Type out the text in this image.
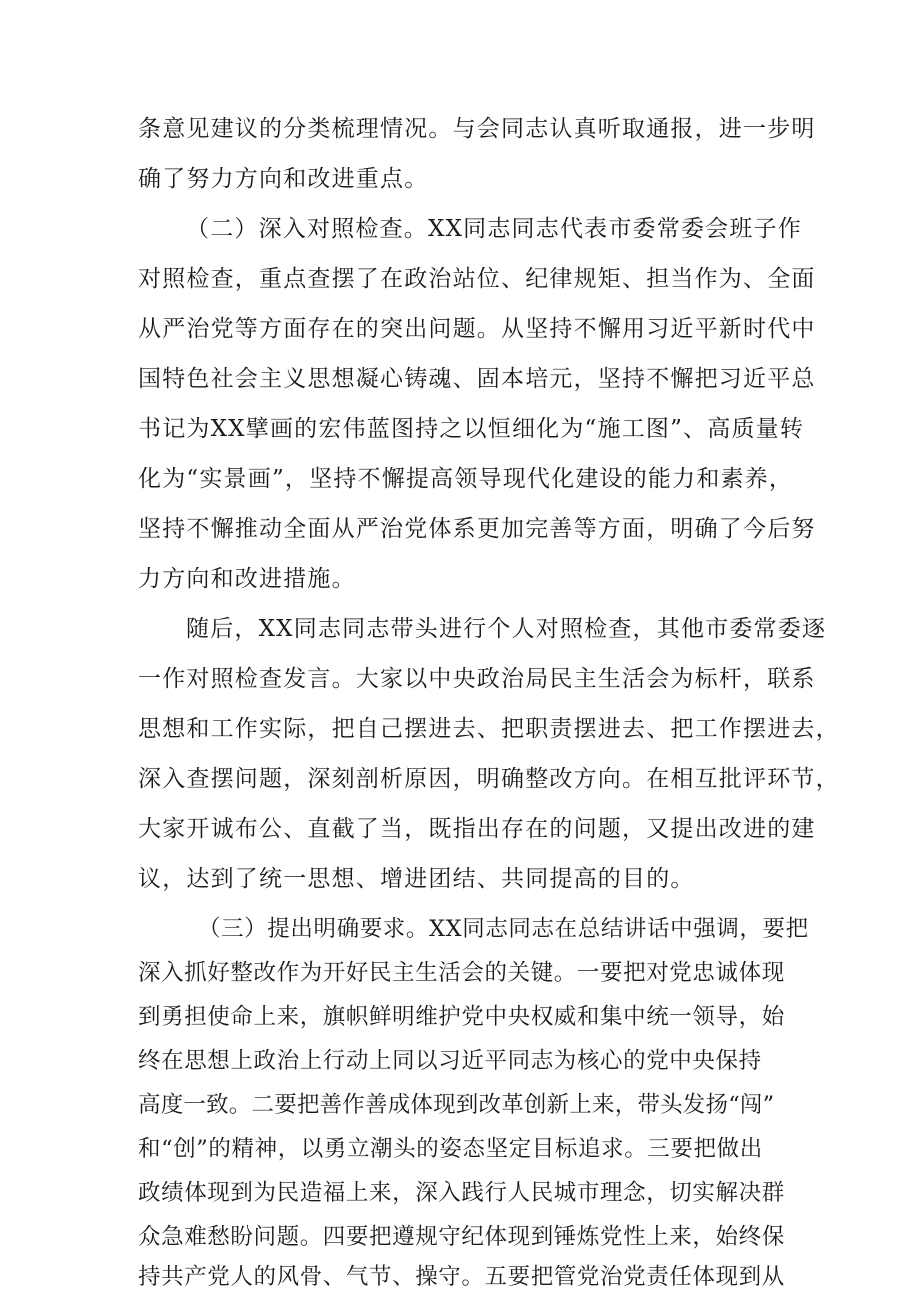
条意见建议的分类梳理情况。与会同志认真听取通报，进一步明
确了努力方向和改进重点。
（二）深入对照检查。XX同志同志代表市委常委会班子作
对照检查，重点查摆了在政治站位、纪律规矩、担当作为、全面
从严治党等方面存在的突出问题。从坚持不懈用习近平新时代中
国特色社会主义思想凝心铸魂、固本培元，坚持不懈把习近平总
书记为XX擘画的宏伟蓝图持之以恒细化为“施工图”、高质量转
化为“实景画”，坚持不懈提高领导现代化建设的能力和素养，
坚持不懈推动全面从严治党体系更加完善等方面，明确了今后努
力方向和改进措施。
随后，XX同志同志带头进行个人对照检查，其他市委常委逐
一作对照检查发言。大家以中央政治局民主生活会为标杆，联系
思想和工作实际，把自己摆进去、把职责摆进去、把工作摆进去，
深入查摆问题，深刻剖析原因，明确整改方向。在相互批评环节，
大家开诚布公、直截了当，既指出存在的问题，又提出改进的建
议，达到了统一思想、增进团结、共同提高的目的。
（三）提出明确要求。XX同志同志在总结讲话中强调，要把
深入抓好整改作为开好民主生活会的关键。一要把对党忠诚体现
到勇担使命上来，旗帜鲜明维护党中央权威和集中统一领导，始
终在思想上政治上行动上同以习近平同志为核心的党中央保持
高度一致。二要把善作善成体现到改革创新上来，带头发扬“闯”
和“创”的精神，以勇立潮头的姿态坚定目标追求。三要把做出
政绩体现到为民造福上来，深入践行人民城市理念，切实解决群
众急难愁盼问题。四要把遵规守纪体现到锤炼党性上来，始终保
持共产党人的风骨、气节、操守。五要把管党治党责任体现到从
